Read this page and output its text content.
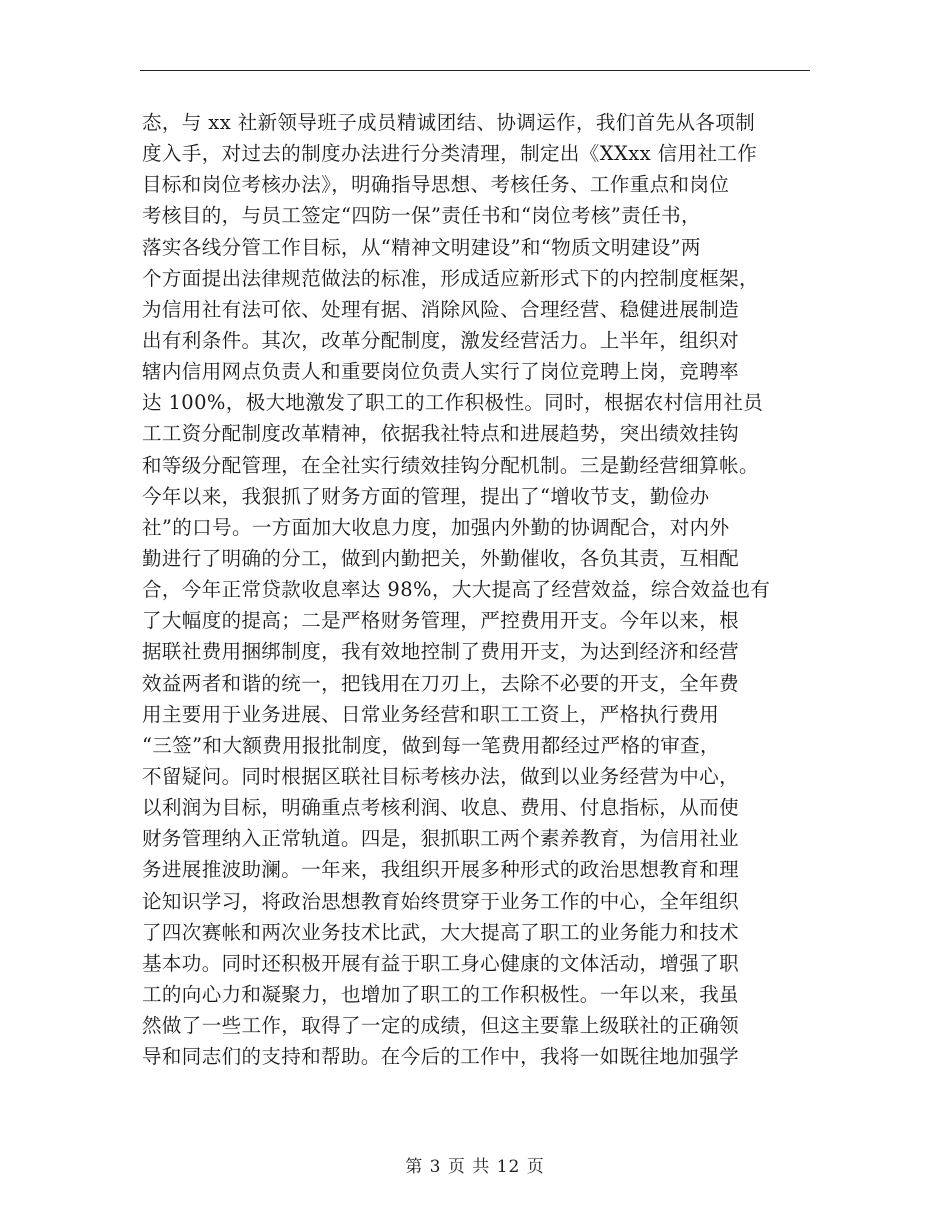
态，与 xx 社新领导班子成员精诚团结、协调运作，我们首先从各项制
度入手，对过去的制度办法进行分类清理，制定出《XXxx 信用社工作
目标和岗位考核办法》，明确指导思想、考核任务、工作重点和岗位
考核目的，与员工签定“四防一保”责任书和“岗位考核”责任书，
落实各线分管工作目标，从“精神文明建设”和“物质文明建设”两
个方面提出法律规范做法的标准，形成适应新形式下的内控制度框架，
为信用社有法可依、处理有据、消除风险、合理经营、稳健进展制造
出有利条件。其次，改革分配制度，激发经营活力。上半年，组织对
辖内信用网点负责人和重要岗位负责人实行了岗位竞聘上岗，竞聘率
达 100%，极大地激发了职工的工作积极性。同时，根据农村信用社员
工工资分配制度改革精神，依据我社特点和进展趋势，突出绩效挂钩
和等级分配管理，在全社实行绩效挂钩分配机制。三是勤经营细算帐。
今年以来，我狠抓了财务方面的管理，提出了“增收节支，勤俭办
社”的口号。一方面加大收息力度，加强内外勤的协调配合，对内外
勤进行了明确的分工，做到内勤把关，外勤催收，各负其责，互相配
合，今年正常贷款收息率达 98%，大大提高了经营效益，综合效益也有
了大幅度的提高；二是严格财务管理，严控费用开支。今年以来，根
据联社费用捆绑制度，我有效地控制了费用开支，为达到经济和经营
效益两者和谐的统一，把钱用在刀刃上，去除不必要的开支，全年费
用主要用于业务进展、日常业务经营和职工工资上，严格执行费用
“三签”和大额费用报批制度，做到每一笔费用都经过严格的审查，
不留疑问。同时根据区联社目标考核办法，做到以业务经营为中心，
以利润为目标，明确重点考核利润、收息、费用、付息指标，从而使
财务管理纳入正常轨道。四是，狠抓职工两个素养教育，为信用社业
务进展推波助澜。一年来，我组织开展多种形式的政治思想教育和理
论知识学习，将政治思想教育始终贯穿于业务工作的中心，全年组织
了四次赛帐和两次业务技术比武，大大提高了职工的业务能力和技术
基本功。同时还积极开展有益于职工身心健康的文体活动，增强了职
工的向心力和凝聚力，也增加了职工的工作积极性。一年以来，我虽
然做了一些工作，取得了一定的成绩，但这主要靠上级联社的正确领
导和同志们的支持和帮助。在今后的工作中，我将一如既往地加强学
第 3 页 共 12 页
